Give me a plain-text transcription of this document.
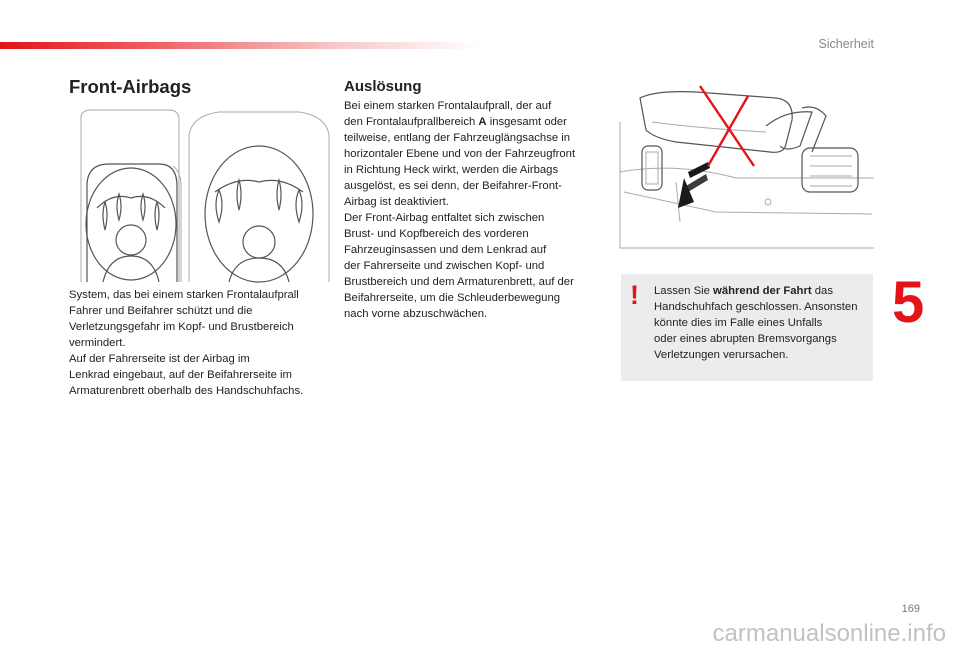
Sicherheit
Front-Airbags
System, das bei einem starken Frontalaufprall
Fahrer und Beifahrer schützt und die
Verletzungsgefahr im Kopf- und Brustbereich
vermindert.
Auf der Fahrerseite ist der Airbag im
Lenkrad eingebaut, auf der Beifahrerseite im
Armaturenbrett oberhalb des Handschuhfachs.
Auslösung
Bei einem starken Frontalaufprall, der auf
den Frontalaufprallbereich A insgesamt oder
teilweise, entlang der Fahrzeuglängsachse in
horizontaler Ebene und von der Fahrzeugfront
in Richtung Heck wirkt, werden die Airbags
ausgelöst, es sei denn, der Beifahrer-Front-
Airbag ist deaktiviert.
Der Front-Airbag entfaltet sich zwischen
Brust- und Kopfbereich des vorderen
Fahrzeuginsassen und dem Lenkrad auf
der Fahrerseite und zwischen Kopf- und
Brustbereich und dem Armaturenbrett, auf der
Beifahrerseite, um die Schleuderbewegung
nach vorne abzuschwächen.
! Lassen Sie während der Fahrt das
Handschuhfach geschlossen. Ansonsten
könnte dies im Falle eines Unfalls
oder eines abrupten Bremsvorgangs
Verletzungen verursachen.
5
169
carmanualsonline.info
